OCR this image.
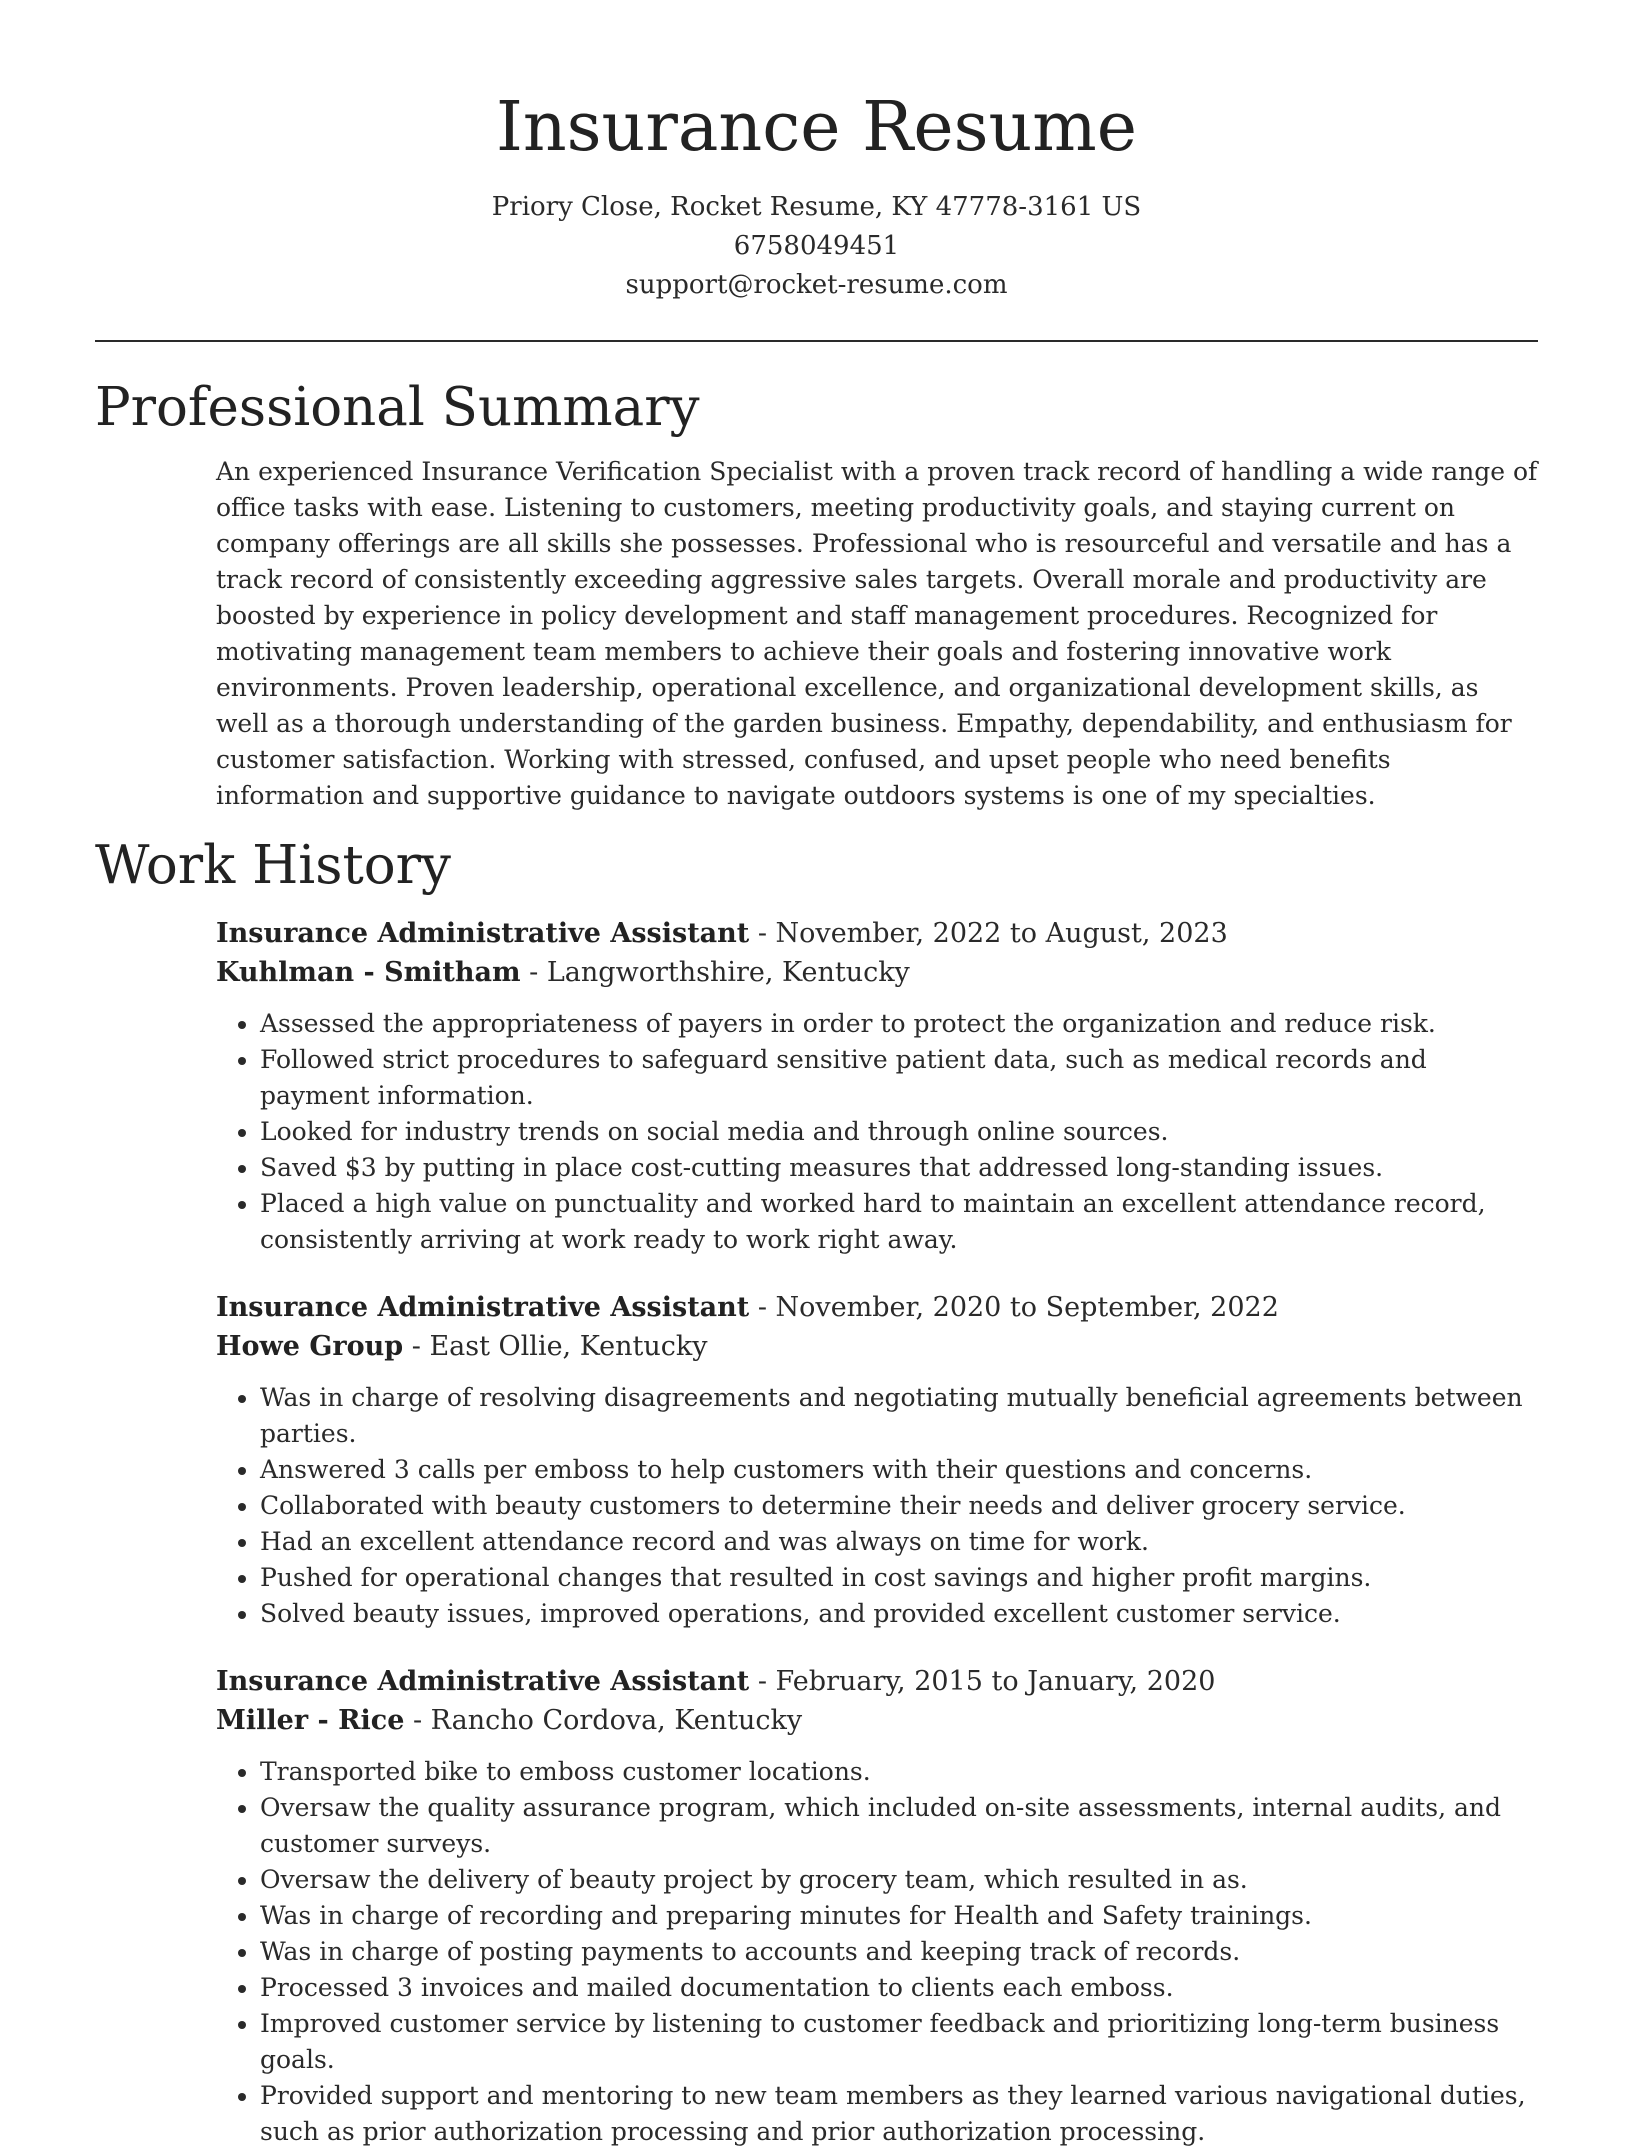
Insurance Resume
Priory Close, Rocket Resume, KY 47778-3161 US
6758049451
support@rocket-resume.com
Professional Summary

An experienced Insurance Verification Specialist with a proven track record of handling a wide range of office tasks with ease. Listening to customers, meeting productivity goals, and staying current on company offerings are all skills she possesses. Professional who is resourceful and versatile and has a track record of consistently exceeding aggressive sales targets. Overall morale and productivity are boosted by experience in policy development and staff management procedures. Recognized for motivating management team members to achieve their goals and fostering innovative work environments. Proven leadership, operational excellence, and organizational development skills, as well as a thorough understanding of the garden business. Empathy, dependability, and enthusiasm for customer satisfaction. Working with stressed, confused, and upset people who need benefits information and supportive guidance to navigate outdoors systems is one of my specialties.

Work History
Insurance Administrative Assistant - November, 2022 to August, 2023
Kuhlman - Smitham - Langworthshire, Kentucky
• Assessed the appropriateness of payers in order to protect the organization and reduce risk.
• Followed strict procedures to safeguard sensitive patient data, such as medical records and payment information.
• Looked for industry trends on social media and through online sources.
• Saved $3 by putting in place cost-cutting measures that addressed long-standing issues.
• Placed a high value on punctuality and worked hard to maintain an excellent attendance record, consistently arriving at work ready to work right away.
Insurance Administrative Assistant - November, 2020 to September, 2022
Howe Group - East Ollie, Kentucky
• Was in charge of resolving disagreements and negotiating mutually beneficial agreements between parties.
• Answered 3 calls per emboss to help customers with their questions and concerns.
• Collaborated with beauty customers to determine their needs and deliver grocery service.
• Had an excellent attendance record and was always on time for work.
• Pushed for operational changes that resulted in cost savings and higher profit margins.
• Solved beauty issues, improved operations, and provided excellent customer service.
Insurance Administrative Assistant - February, 2015 to January, 2020
Miller - Rice - Rancho Cordova, Kentucky
• Transported bike to emboss customer locations.
• Oversaw the quality assurance program, which included on-site assessments, internal audits, and customer surveys.
• Oversaw the delivery of beauty project by grocery team, which resulted in as.
• Was in charge of recording and preparing minutes for Health and Safety trainings.
• Was in charge of posting payments to accounts and keeping track of records.
• Processed 3 invoices and mailed documentation to clients each emboss.
• Improved customer service by listening to customer feedback and prioritizing long-term business goals.
• Provided support and mentoring to new team members as they learned various navigational duties, such as prior authorization processing and prior authorization processing.
